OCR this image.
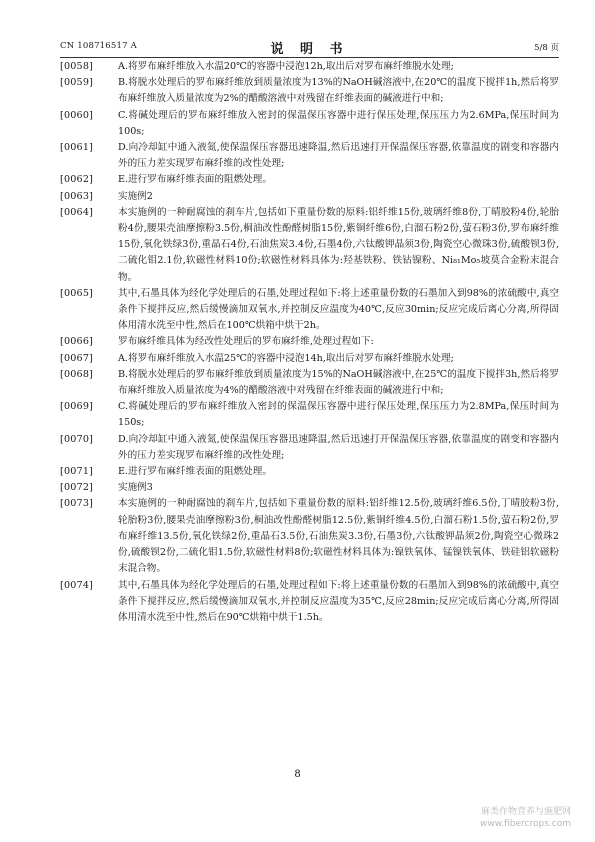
CN 108716517 A	说 明 书	5/8 页
[0058]	A.将罗布麻纤维放入水温20℃的容器中浸泡12h,取出后对罗布麻纤维脱水处理;
[0059]	B.将脱水处理后的罗布麻纤维放到质量浓度为13%的NaOH碱溶液中,在20℃的温度下搅拌1h,然后将罗布麻纤维放入质量浓度为2%的醋酸溶液中对残留在纤维表面的碱液进行中和;
[0060]	C.将碱处理后的罗布麻纤维放入密封的保温保压容器中进行保压处理,保压压力为2.6MPa,保压时间为100s;
[0061]	D.向冷却缸中通入液氮,使保温保压容器迅速降温,然后迅速打开保温保压容器,依靠温度的剧变和容器内外的压力差实现罗布麻纤维的改性处理;
[0062]	E.进行罗布麻纤维表面的阻燃处理。
[0063]	实施例2
[0064]	本实施例的一种耐腐蚀的刹车片,包括如下重量份数的原料:铝纤维15份,玻璃纤维8份,丁晴胶粉4份,轮胎粉4份,腰果壳油摩擦粉3.5份,桐油改性酚醛树脂15份,紫铜纤维6份,白溜石粉2份,萤石粉3份,罗布麻纤维15份,氧化铁绿3份,重晶石4份,石油焦炭3.4份,石墨4份,六钛酸钾晶须3份,陶瓷空心微珠3份,硫酸钡3份,二硫化钼2.1份,软磁性材料10份;软磁性材料具体为:羟基铁粉、铁钴镍粉、Ni₈₁Mo₅坡莫合金粉末混合物。
[0065]	其中,石墨具体为经化学处理后的石墨,处理过程如下:将上述重量份数的石墨加入到98%的浓硫酸中,真空条件下搅拌反应,然后缓慢滴加双氧水,并控制反应温度为40℃,反应30min;反应完成后离心分离,所得固体用清水洗至中性,然后在100℃烘箱中烘干2h。
[0066]	罗布麻纤维具体为经改性处理后的罗布麻纤维,处理过程如下:
[0067]	A.将罗布麻纤维放入水温25℃的容器中浸泡14h,取出后对罗布麻纤维脱水处理;
[0068]	B.将脱水处理后的罗布麻纤维放到质量浓度为15%的NaOH碱溶液中,在25℃的温度下搅拌3h,然后将罗布麻纤维放入质量浓度为4%的醋酸溶液中对残留在纤维表面的碱液进行中和;
[0069]	C.将碱处理后的罗布麻纤维放入密封的保温保压容器中进行保压处理,保压压力为2.8MPa,保压时间为150s;
[0070]	D.向冷却缸中通入液氮,使保温保压容器迅速降温,然后迅速打开保温保压容器,依靠温度的剧变和容器内外的压力差实现罗布麻纤维的改性处理;
[0071]	E.进行罗布麻纤维表面的阻燃处理。
[0072]	实施例3
[0073]	本实施例的一种耐腐蚀的刹车片,包括如下重量份数的原料:铝纤维12.5份,玻璃纤维6.5份,丁晴胶粉3份,轮胎粉3份,腰果壳油摩擦粉3份,桐油改性酚醛树脂12.5份,紫铜纤维4.5份,白溜石粉1.5份,萤石粉2份,罗布麻纤维13.5份,氧化铁绿2份,重晶石3.5份,石油焦炭3.3份,石墨3份,六钛酸钾晶须2份,陶瓷空心微珠2份,硫酸钡2份,二硫化钼1.5份,软磁性材料8份;软磁性材料具体为:镍铁氧体、锰镍铁氧体、铁硅铝软磁粉末混合物。
[0074]	其中,石墨具体为经化学处理后的石墨,处理过程如下:将上述重量份数的石墨加入到98%的浓硫酸中,真空条件下搅拌反应,然后缓慢滴加双氧水,并控制反应温度为35℃,反应28min;反应完成后离心分离,所得固体用清水洗至中性,然后在90℃烘箱中烘干1.5h。
8
麻类作物营养与施肥网
www.fibercrops.com
